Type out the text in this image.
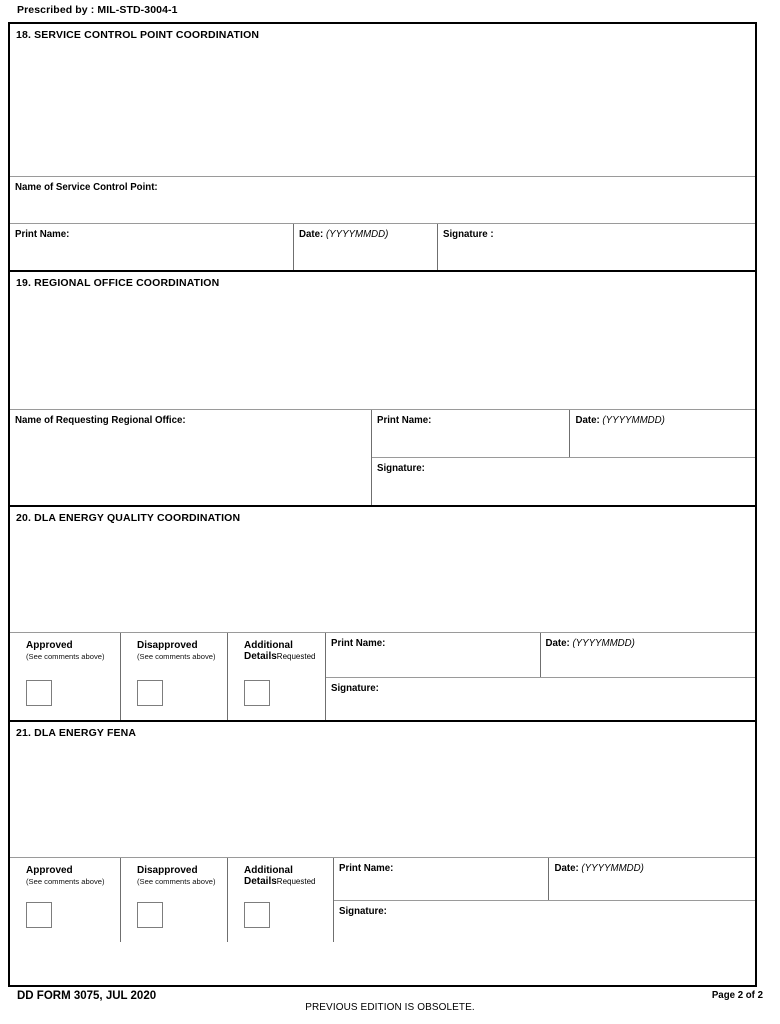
Prescribed by : MIL-STD-3004-1
18. SERVICE CONTROL POINT COORDINATION
Name of Service Control Point:
Print Name:	Date: (YYYYMMDD)	Signature :
19. REGIONAL OFFICE COORDINATION
Name of Requesting Regional Office:	Print Name:	Date: (YYYYMMDD)
Signature:
20. DLA ENERGY QUALITY COORDINATION
Approved
(See comments above)
Disapproved
(See comments above)
Additional
DetailsRequested
Print Name:	Date: (YYYYMMDD)
Signature:
21. DLA ENERGY FENA
Approved
(See comments above)
Disapproved
(See comments above)
Additional
DetailsRequested
Print Name:	Date: (YYYYMMDD)
Signature:
DD FORM 3075, JUL 2020
PREVIOUS EDITION IS OBSOLETE.
Page 2 of 2
